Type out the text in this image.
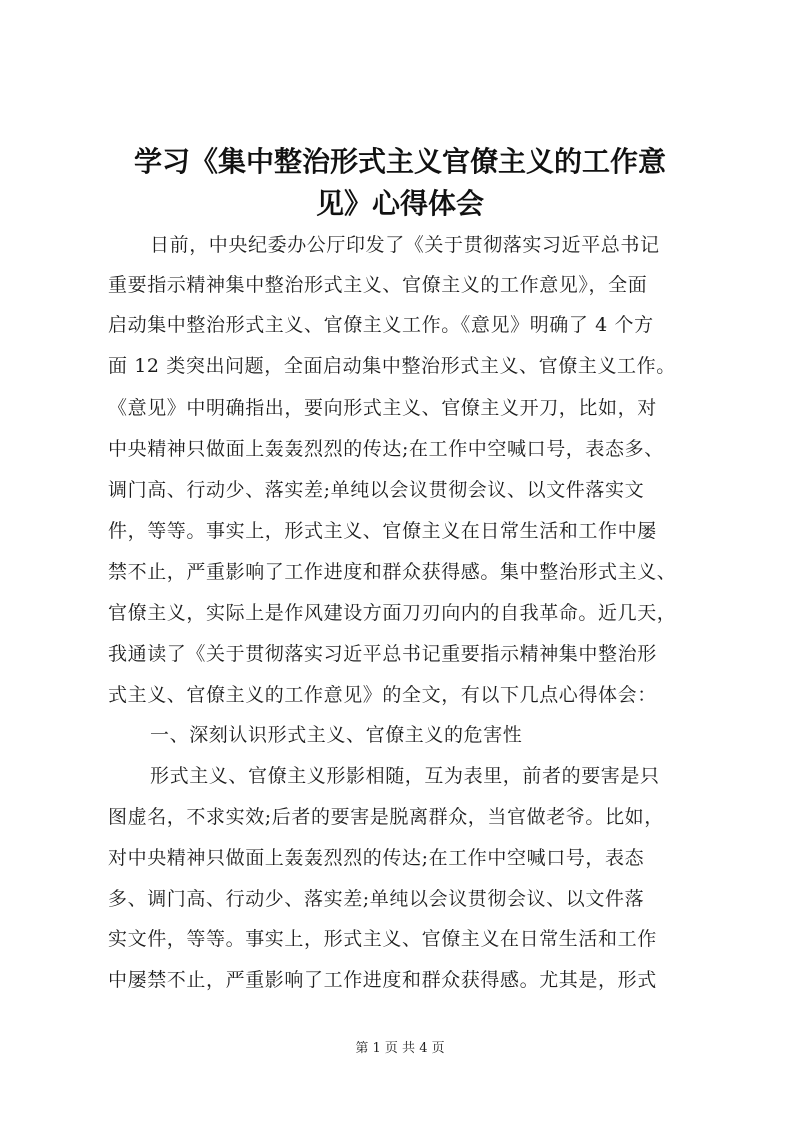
学习《集中整治形式主义官僚主义的工作意
见》心得体会

日前，中央纪委办公厅印发了《关于贯彻落实习近平总书记

重要指示精神集中整治形式主义、官僚主义的工作意见》，全面

启动集中整治形式主义、官僚主义工作。《意见》明确了 4 个方

面 12 类突出问题，全面启动集中整治形式主义、官僚主义工作。

《意见》中明确指出，要向形式主义、官僚主义开刀，比如，对

中央精神只做面上轰轰烈烈的传达;在工作中空喊口号，表态多、

调门高、行动少、落实差;单纯以会议贯彻会议、以文件落实文

件，等等。事实上，形式主义、官僚主义在日常生活和工作中屡

禁不止，严重影响了工作进度和群众获得感。集中整治形式主义、

官僚主义，实际上是作风建设方面刀刃向内的自我革命。近几天，

我通读了《关于贯彻落实习近平总书记重要指示精神集中整治形

式主义、官僚主义的工作意见》的全文，有以下几点心得体会：

一、深刻认识形式主义、官僚主义的危害性

形式主义、官僚主义形影相随，互为表里，前者的要害是只

图虚名，不求实效;后者的要害是脱离群众，当官做老爷。比如，

对中央精神只做面上轰轰烈烈的传达;在工作中空喊口号，表态

多、调门高、行动少、落实差;单纯以会议贯彻会议、以文件落

实文件，等等。事实上，形式主义、官僚主义在日常生活和工作

中屡禁不止，严重影响了工作进度和群众获得感。尤其是，形式

第 1 页 共 4 页
